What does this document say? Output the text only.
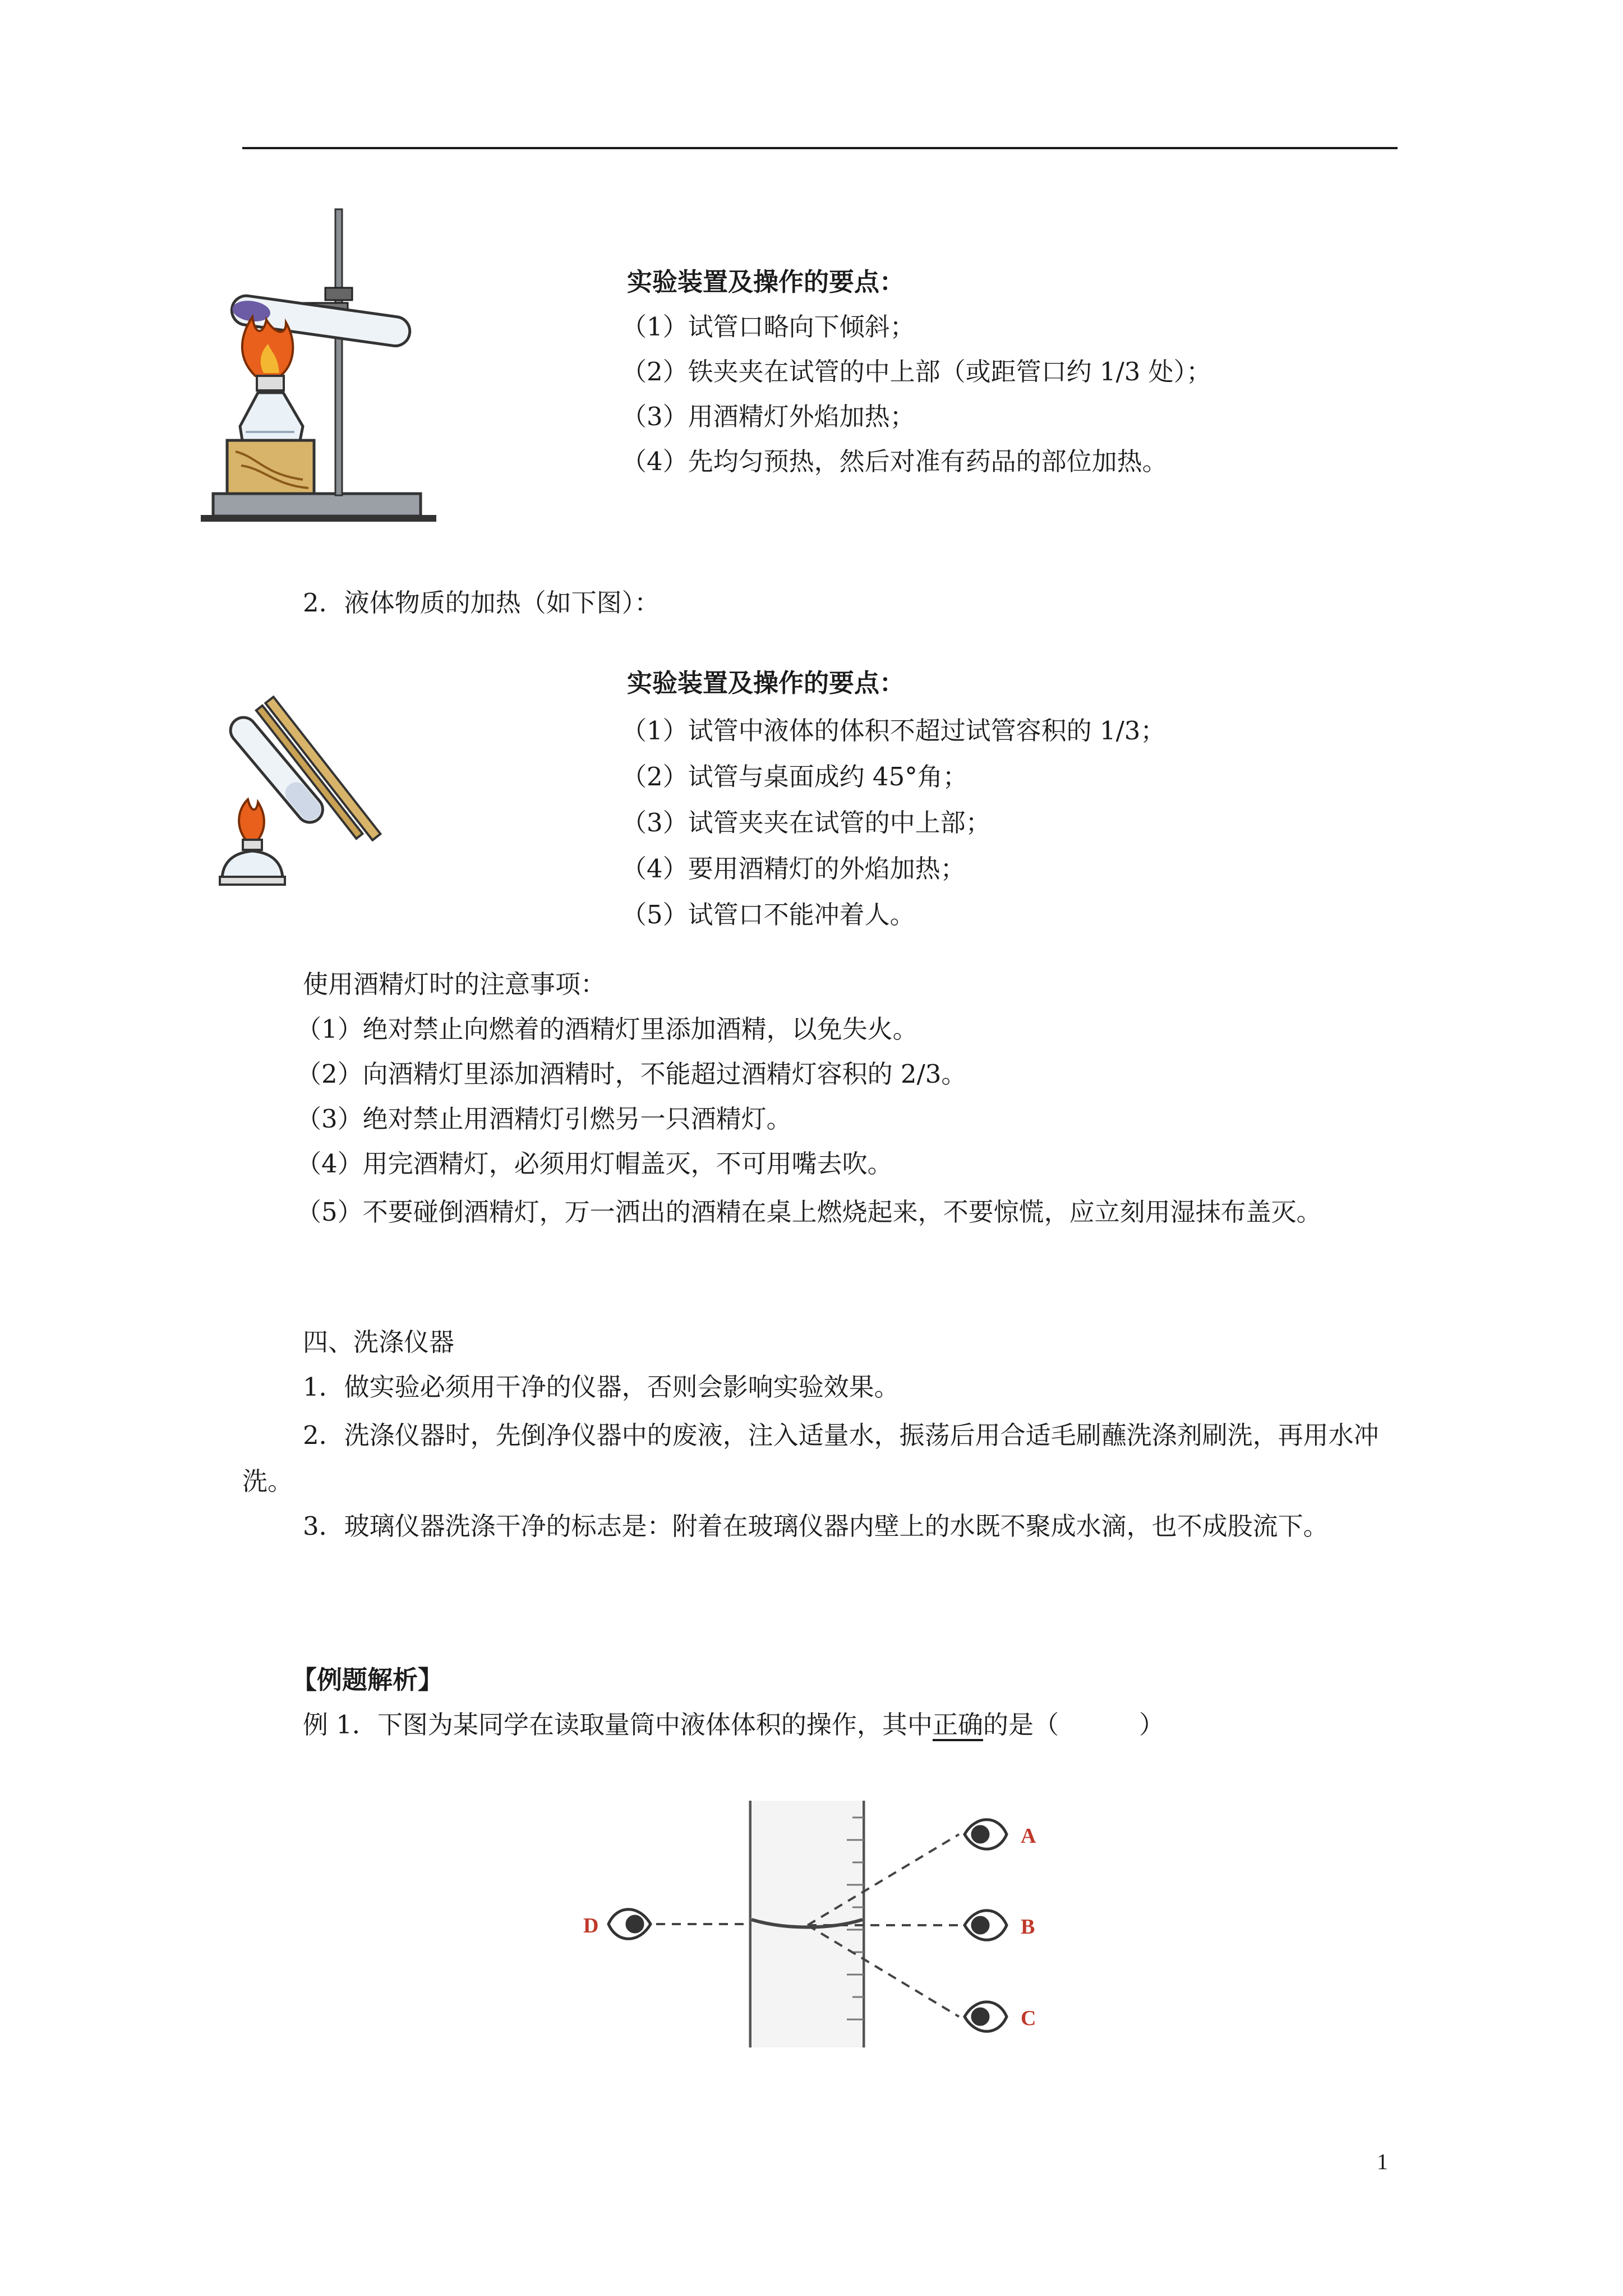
实验装置及操作的要点：
（1）试管口略向下倾斜；
（2）铁夹夹在试管的中上部（或距管口约 1/3 处）；
（3）用酒精灯外焰加热；
（4）先均匀预热，然后对准有药品的部位加热。
2．液体物质的加热（如下图）：
实验装置及操作的要点：
（1）试管中液体的体积不超过试管容积的 1/3；
（2）试管与桌面成约 45°角；
（3）试管夹夹在试管的中上部；
（4）要用酒精灯的外焰加热；
（5）试管口不能冲着人。
使用酒精灯时的注意事项：
（1）绝对禁止向燃着的酒精灯里添加酒精，以免失火。
（2）向酒精灯里添加酒精时，不能超过酒精灯容积的 2/3。
（3）绝对禁止用酒精灯引燃另一只酒精灯。
（4）用完酒精灯，必须用灯帽盖灭，不可用嘴去吹。
（5）不要碰倒酒精灯，万一洒出的酒精在桌上燃烧起来，不要惊慌，应立刻用湿抹布盖灭。
四、洗涤仪器
1．做实验必须用干净的仪器，否则会影响实验效果。
2．洗涤仪器时，先倒净仪器中的废液，注入适量水，振荡后用合适毛刷蘸洗涤剂刷洗，再用水冲洗。
3．玻璃仪器洗涤干净的标志是：附着在玻璃仪器内壁上的水既不聚成水滴，也不成股流下。
【例题解析】
例 1．下图为某同学在读取量筒中液体体积的操作，其中正确的是（          ）
A
B
C
D
1
